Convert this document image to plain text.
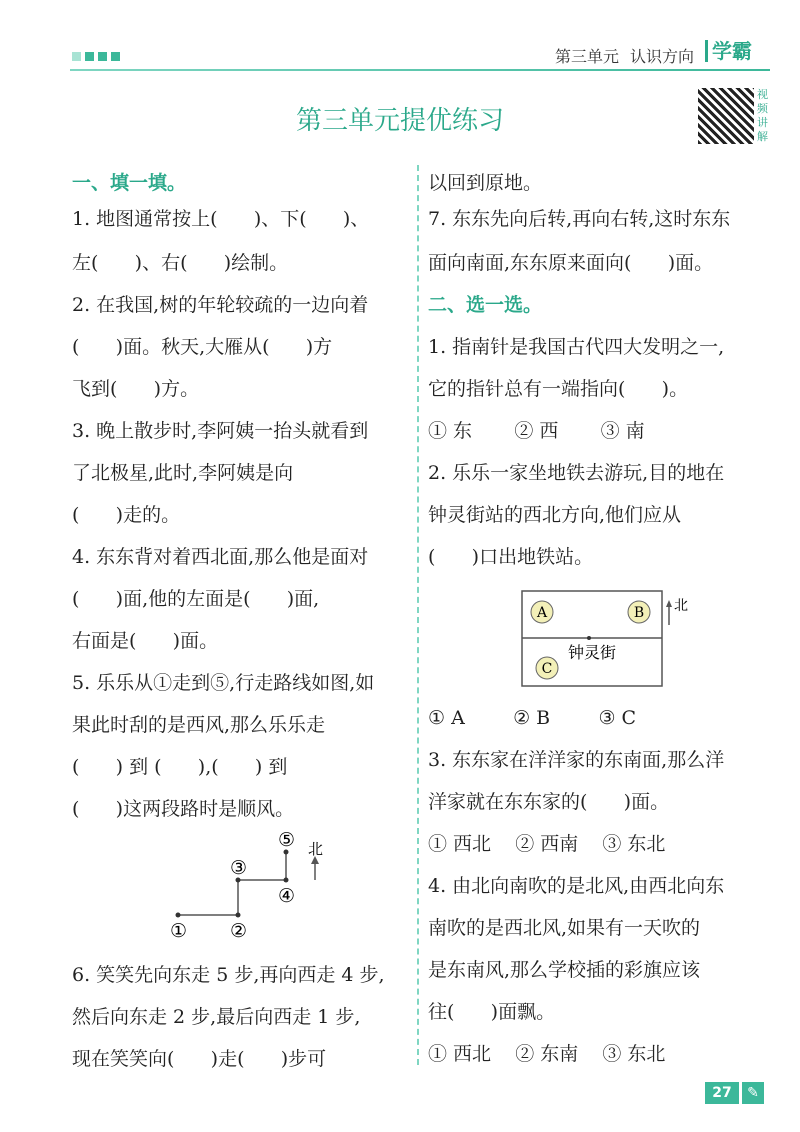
第三单元 认识方向 学霸
第三单元提优练习
视频讲解
一、填一填。
1. 地图通常按上(      )、下(      )、
左(      )、右(      )绘制。
2. 在我国,树的年轮较疏的一边向着
(      )面。秋天,大雁从(      )方
飞到(      )方。
3. 晚上散步时,李阿姨一抬头就看到
了北极星,此时,李阿姨是向
(      )走的。
4. 东东背对着西北面,那么他是面对
(      )面,他的左面是(      )面,
右面是(      )面。
5. 乐乐从①走到⑤,行走路线如图,如
果此时刮的是西风,那么乐乐走
(      ) 到 (      ),(      ) 到
(      )这两段路时是顺风。
6. 笑笑先向东走 5 步,再向西走 4 步,
然后向东走 2 步,最后向西走 1 步,
现在笑笑向(      )走(      )步可
以回到原地。
7. 东东先向后转,再向右转,这时东东
面向南面,东东原来面向(      )面。
二、选一选。
1. 指南针是我国古代四大发明之一,
它的指针总有一端指向(      )。
① 东       ② 西       ③ 南
2. 乐乐一家坐地铁去游玩,目的地在
钟灵街站的西北方向,他们应从
(      )口出地铁站。
① A        ② B        ③ C
3. 东东家在洋洋家的东南面,那么洋
洋家就在东东家的(      )面。
① 西北    ② 西南    ③ 东北
4. 由北向南吹的是北风,由西北向东
南吹的是西北风,如果有一天吹的
是东南风,那么学校插的彩旗应该
往(      )面飘。
① 西北    ② 东南    ③ 东北
① ②
③
④
⑤ 北
北
A	B
C
钟灵街
27	✎
